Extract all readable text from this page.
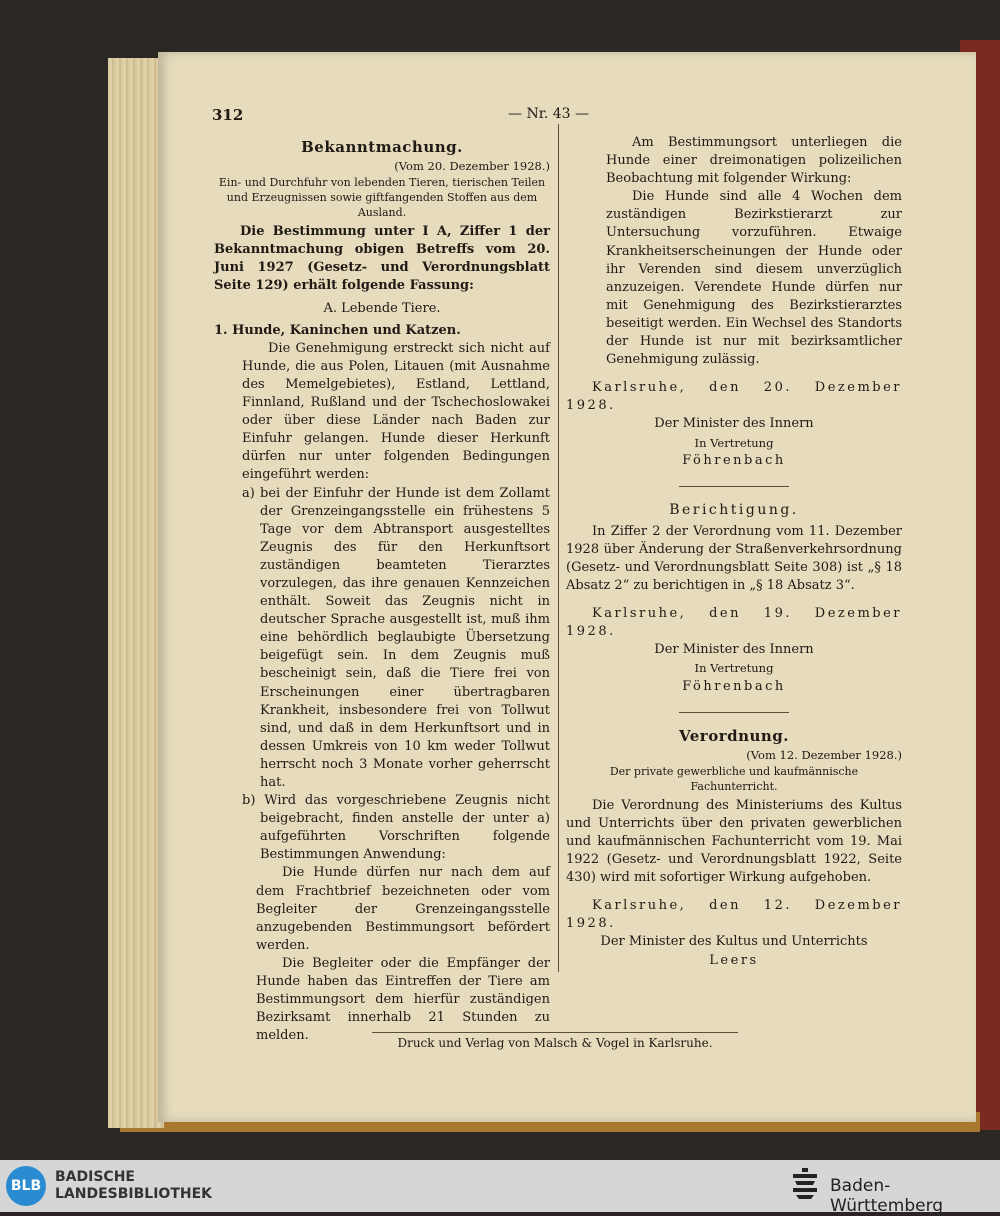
312	— Nr. 43 —

Bekanntmachung.

(Vom 20. Dezember 1928.)

Ein- und Durchfuhr von lebenden Tieren, tierischen Teilen und Erzeugnissen sowie giftfangenden Stoffen aus dem Ausland.

Die Bestimmung unter I A, Ziffer 1 der Bekanntmachung obigen Betreffs vom 20. Juni 1927 (Gesetz- und Verordnungsblatt Seite 129) erhält folgende Fassung:

A. Lebende Tiere.

1. Hunde, Kaninchen und Katzen.

Die Genehmigung erstreckt sich nicht auf Hunde, die aus Polen, Litauen (mit Ausnahme des Memelgebietes), Estland, Lettland, Finnland, Rußland und der Tschechoslowakei oder über diese Länder nach Baden zur Einfuhr gelangen. Hunde dieser Herkunft dürfen nur unter folgenden Bedingungen eingeführt werden:

a) bei der Einfuhr der Hunde ist dem Zollamt der Grenzeingangsstelle ein frühestens 5 Tage vor dem Abtransport ausgestelltes Zeugnis des für den Herkunftsort zuständigen beamteten Tierarztes vorzulegen, das ihre genauen Kennzeichen enthält. Soweit das Zeugnis nicht in deutscher Sprache ausgestellt ist, muß ihm eine behördlich beglaubigte Übersetzung beigefügt sein. In dem Zeugnis muß bescheinigt sein, daß die Tiere frei von Erscheinungen einer übertragbaren Krankheit, insbesondere frei von Tollwut sind, und daß in dem Herkunftsort und in dessen Umkreis von 10 km weder Tollwut herrscht noch 3 Monate vorher geherrscht hat.

b) Wird das vorgeschriebene Zeugnis nicht beigebracht, finden anstelle der unter a) aufgeführten Vorschriften folgende Bestimmungen Anwendung:

Die Hunde dürfen nur nach dem auf dem Frachtbrief bezeichneten oder vom Begleiter der Grenzeingangsstelle anzugebenden Bestimmungsort befördert werden.

Die Begleiter oder die Empfänger der Hunde haben das Eintreffen der Tiere am Bestimmungsort dem hierfür zuständigen Bezirksamt innerhalb 21 Stunden zu melden.

Am Bestimmungsort unterliegen die Hunde einer dreimonatigen polizeilichen Beobachtung mit folgender Wirkung:

Die Hunde sind alle 4 Wochen dem zuständigen Bezirkstierarzt zur Untersuchung vorzuführen. Etwaige Krankheitserscheinungen der Hunde oder ihr Verenden sind diesem unverzüglich anzuzeigen. Verendete Hunde dürfen nur mit Genehmigung des Bezirkstierarztes beseitigt werden. Ein Wechsel des Standorts der Hunde ist nur mit bezirksamtlicher Genehmigung zulässig.

Karlsruhe, den 20. Dezember 1928.

Der Minister des Innern

In Vertretung

Föhrenbach

Berichtigung.

In Ziffer 2 der Verordnung vom 11. Dezember 1928 über Änderung der Straßenverkehrsordnung (Gesetz- und Verordnungsblatt Seite 308) ist „§ 18 Absatz 2“ zu berichtigen in „§ 18 Absatz 3“.

Karlsruhe, den 19. Dezember 1928.

Der Minister des Innern

In Vertretung

Föhrenbach

Verordnung.

(Vom 12. Dezember 1928.)

Der private gewerbliche und kaufmännische Fachunterricht.

Die Verordnung des Ministeriums des Kultus und Unterrichts über den privaten gewerblichen und kaufmännischen Fachunterricht vom 19. Mai 1922 (Gesetz- und Verordnungsblatt 1922, Seite 430) wird mit sofortiger Wirkung aufgehoben.

Karlsruhe, den 12. Dezember 1928.

Der Minister des Kultus und Unterrichts

Leers

Druck und Verlag von Malsch & Vogel in Karlsruhe.
BLB
BADISCHE
LANDESBIBLIOTHEK	Baden-Württemberg
